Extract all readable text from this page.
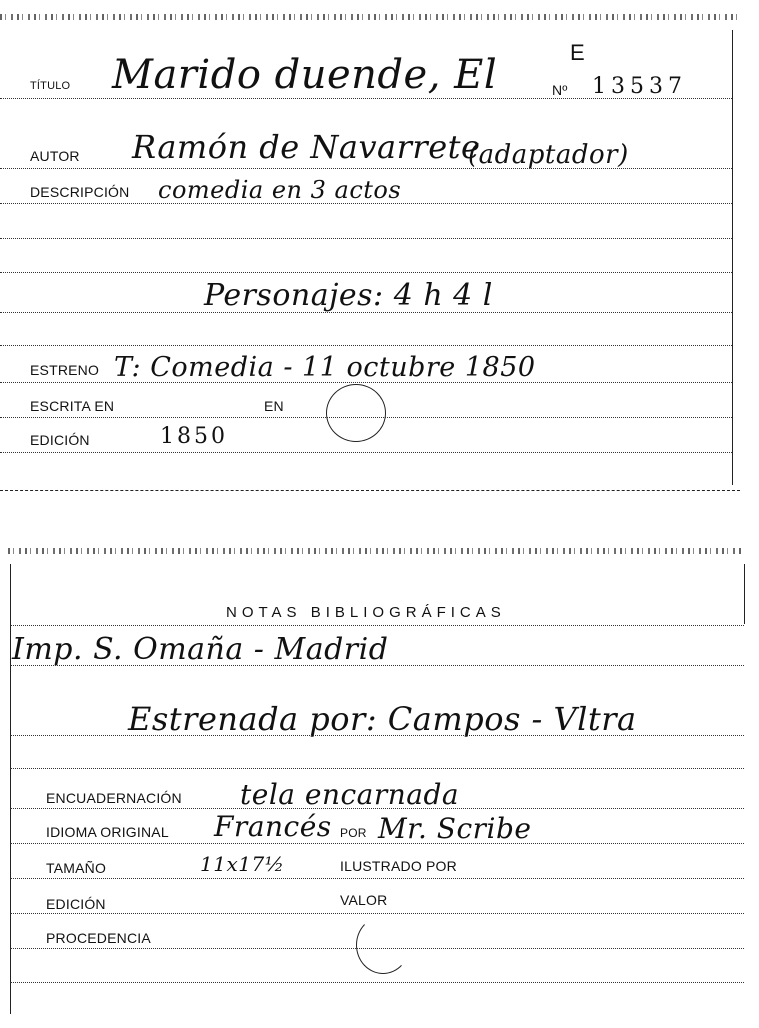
TÍTULO Marido duende, El	E
Nº 13537
AUTOR Ramón de Navarrete
(adaptador)
DESCRIPCIÓN comedia en 3 actos
Personajes: 4 h 4 l
ESTRENO T: Comedia - 11 octubre 1850
ESCRITA EN	EN
EDICIÓN	1850
NOTAS BIBLIOGRÁFICAS
Imp. S. Omaña - Madrid
Estrenada por: Campos - Vltra
ENCUADERNACIÓN tela encarnada
IDIOMA ORIGINAL Francés POR Mr. Scribe
TAMAÑO	11x17½	ILUSTRADO POR
EDICIÓN	VALOR
PROCEDENCIA
